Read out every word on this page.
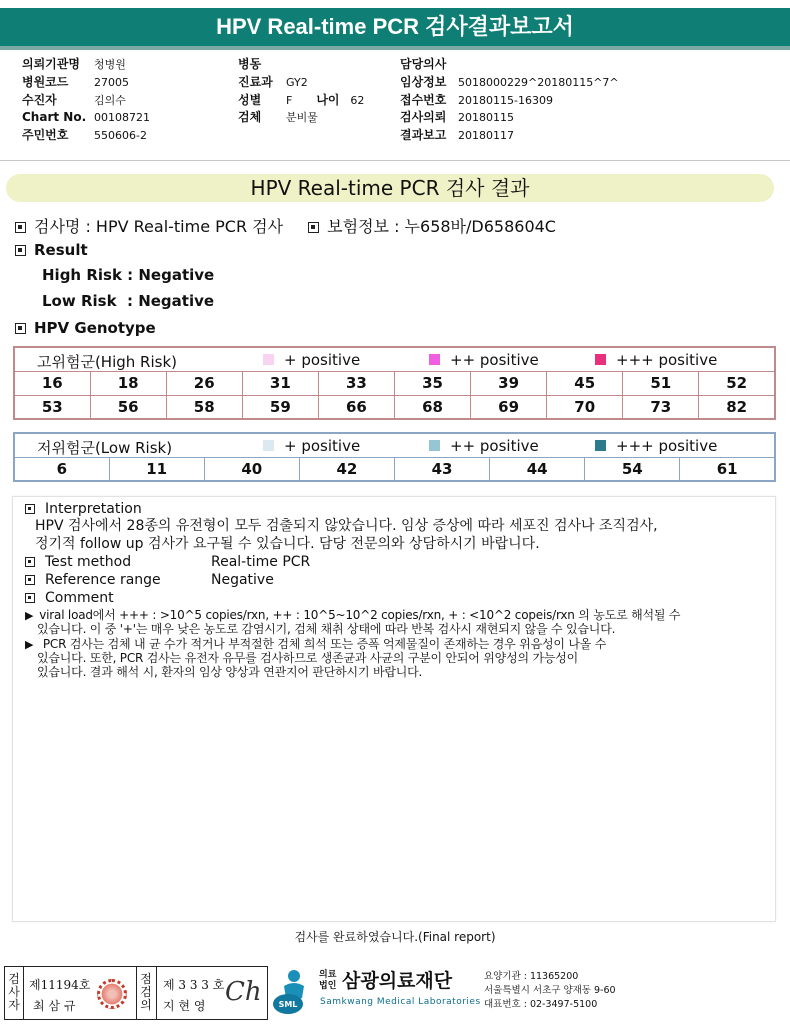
HPV Real-time PCR 검사결과보고서
의뢰기관명	청병원
병원코드	27005
수진자	김의수
Chart No. 00108721
주민번호	550606-2
병동
진료과	GY2
성별	F 나이 62
검체	분비물
담당의사
임상정보	5018000229^20180115^7^
접수번호	20180115-16309
검사의뢰	20180115
결과보고	20180117
HPV Real-time PCR 검사 결과
검사명 : HPV Real-time PCR 검사	보험정보 : 누658바/D658604C
Result
High Risk : Negative
Low Risk  : Negative
HPV Genotype
고위험군(High Risk) + positive ++ positive +++ positive									

16	18	26	31	33	35	39	45	51	52
53	56	58	59	66	68	69	70	73	82
저위험군(Low Risk)	+ positive	++ positive	+++ positive

6	11	40	42	43	44	54	61
Interpretation
HPV 검사에서 28종의 유전형이 모두 검출되지 않았습니다. 임상 증상에 따라 세포진 검사나 조직검사,
정기적 follow up 검사가 요구될 수 있습니다. 담당 전문의와 상담하시기 바랍니다.
Test method	Real-time PCR
Reference range	Negative
Comment
▶ viral load에서 +++ : >10^5 copies/rxn, ++ : 10^5~10^2 copies/rxn, + : <10^2 copeis/rxn 의 농도로 해석될 수
있습니다. 이 중 '+'는 매우 낮은 농도로 감염시기, 검체 채취 상태에 따라 반복 검사시 재현되지 않을 수 있습니다.
▶ PCR 검사는 검체 내 균 수가 적거나 부적절한 검체 희석 또는 증폭 억제물질이 존재하는 경우 위음성이 나올 수
있습니다. 또한, PCR 검사는 유전자 유무를 검사하므로 생존균과 사균의 구분이 안되어 위양성의 가능성이
있습니다. 결과 해석 시, 환자의 임상 양상과 연관지어 판단하시기 바랍니다.
검사를 완료하였습니다.(Final report)
검
사
자
제11194호
최 삼 규
점
검
의
제 3 3 3 호
지 현 영 Ch SML
의료 법인 삼광의료재단
Samkwang Medical Laboratories
요양기관 : 11365200
서울특별시 서초구 양재동 9-60
대표번호 : 02-3497-5100
